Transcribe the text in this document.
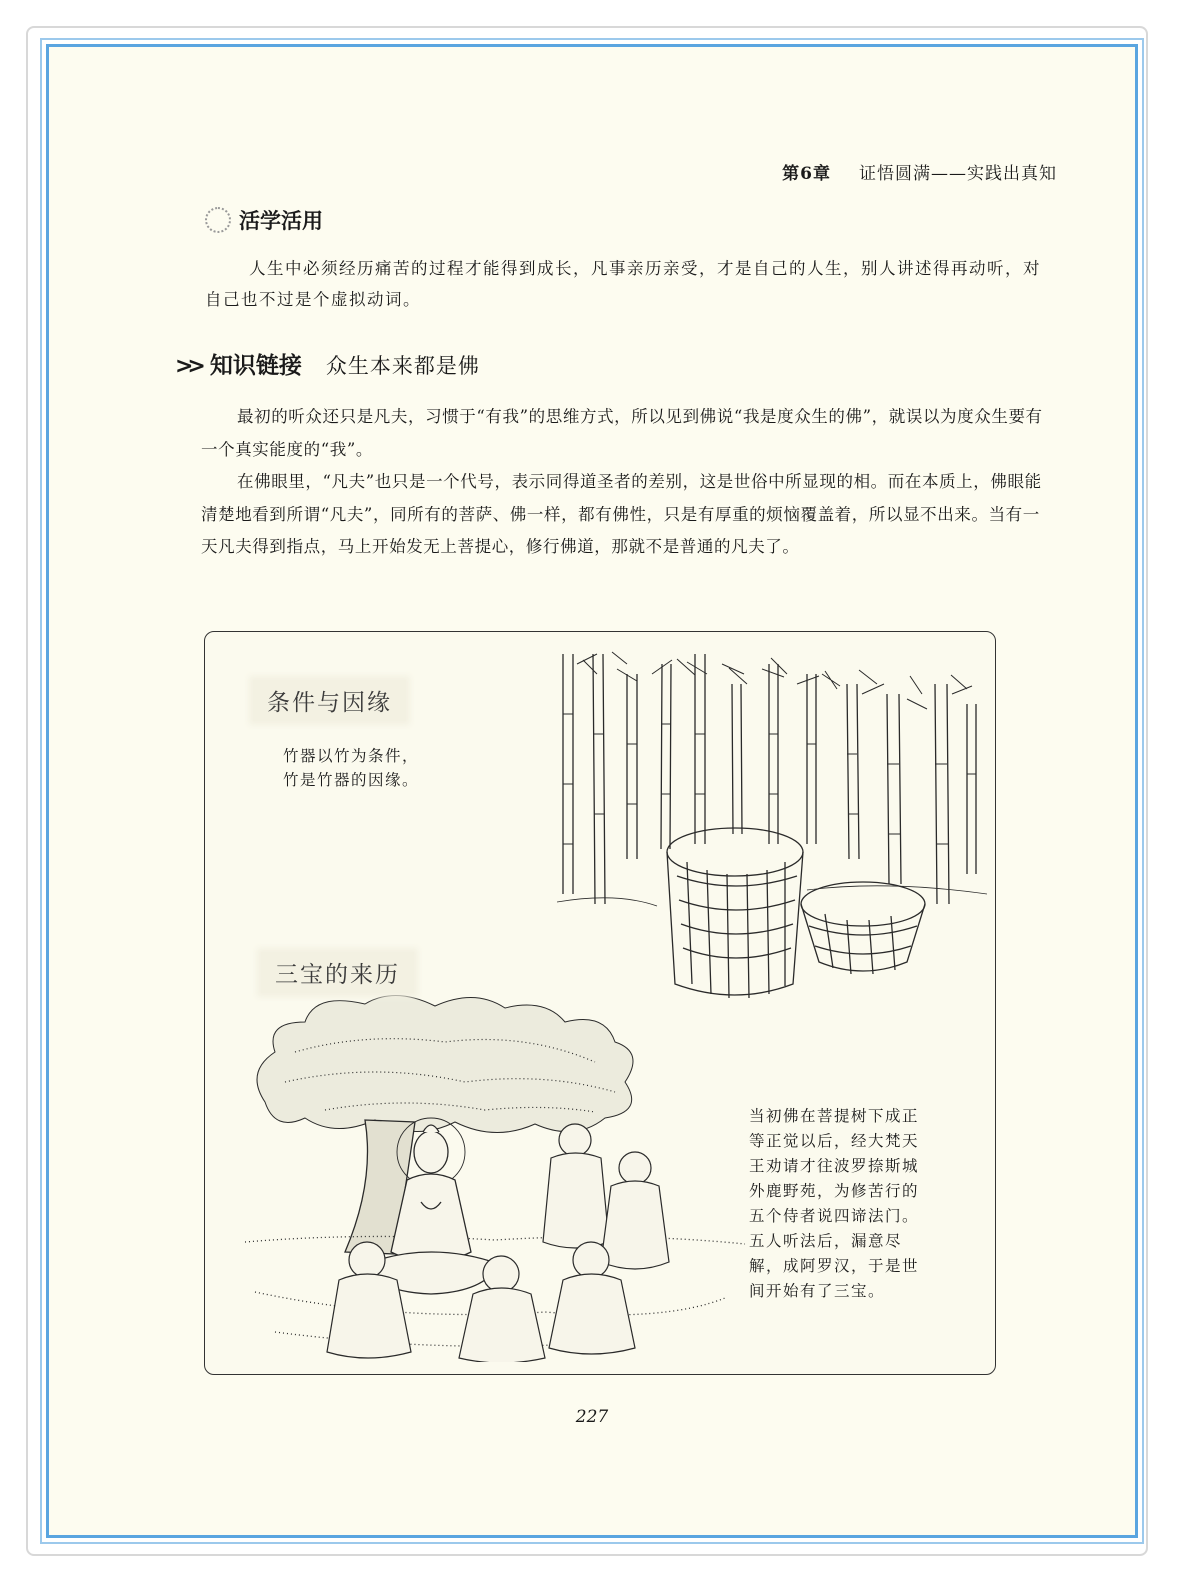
第6章 证悟圆满——实践出真知
活学活用

人生中必须经历痛苦的过程才能得到成长，凡事亲历亲受，才是自己的人生，别人讲述得再动听，对自己也不过是个虚拟动词。

>> 知识链接 众生本来都是佛

最初的听众还只是凡夫，习惯于“有我”的思维方式，所以见到佛说“我是度众生的佛”，就误以为度众生要有一个真实能度的“我”。

在佛眼里，“凡夫”也只是一个代号，表示同得道圣者的差别，这是世俗中所显现的相。而在本质上，佛眼能清楚地看到所谓“凡夫”，同所有的菩萨、佛一样，都有佛性，只是有厚重的烦恼覆盖着，所以显不出来。当有一天凡夫得到指点，马上开始发无上菩提心，修行佛道，那就不是普通的凡夫了。

条件与因缘
竹器以竹为条件，
竹是竹器的因缘。
三宝的来历
当初佛在菩提树下成正
等正觉以后，经大梵天
王劝请才往波罗捺斯城
外鹿野苑，为修苦行的
五个侍者说四谛法门。
五人听法后，漏意尽
解，成阿罗汉，于是世
间开始有了三宝。
227
